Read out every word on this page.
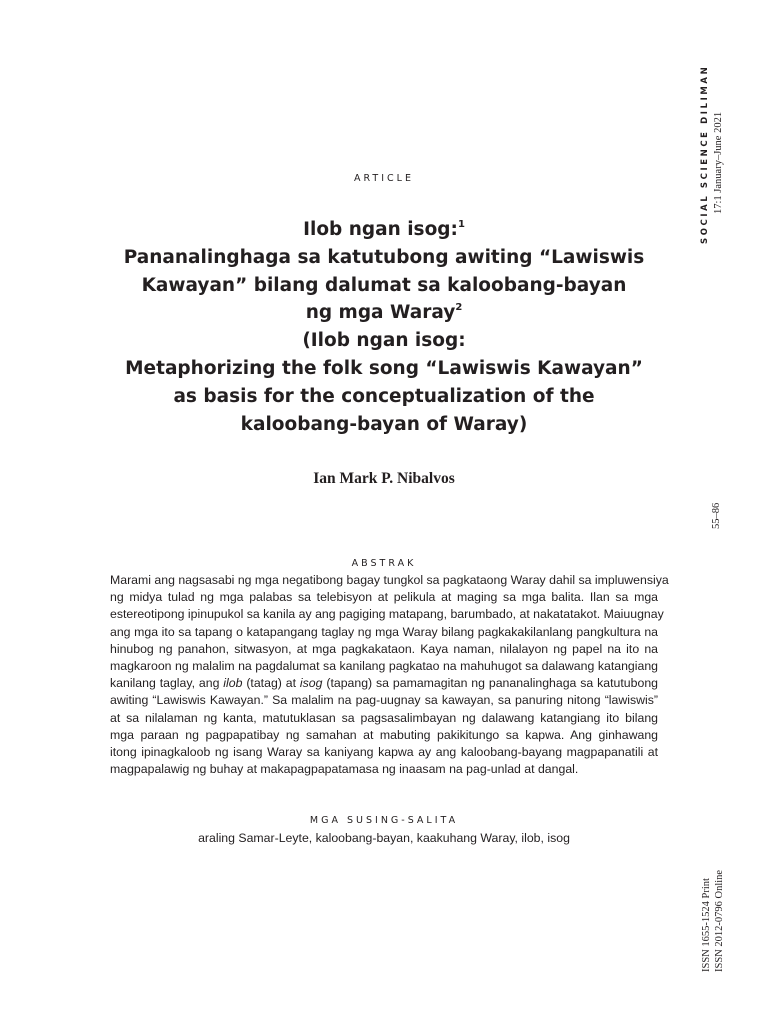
ARTICLE
Ilob ngan isog:$^1$
Pananalinghaga sa katutubong awiting “Lawiswis
Kawayan” bilang dalumat sa kaloobang-bayan
ng mga Waray$^2$
(Ilob ngan isog:
Metaphorizing the folk song “Lawiswis Kawayan”
as basis for the conceptualization of the
kaloobang-bayan of Waray)
Ian Mark P. Nibalvos
ABSTRAK
Marami ang nagsasabi ng mga negatibong bagay tungkol sa pagkataong Waray dahil sa impluwensiya
ng midya tulad ng mga palabas sa telebisyon at pelikula at maging sa mga balita. Ilan sa mga
estereotipong ipinupukol sa kanila ay ang pagiging matapang, barumbado, at nakatatakot. Maiuugnay
ang mga ito sa tapang o katapangang taglay ng mga Waray bilang pagkakakilanlang pangkultura na
hinubog ng panahon, sitwasyon, at mga pagkakataon. Kaya naman, nilalayon ng papel na ito na
magkaroon ng malalim na pagdalumat sa kanilang pagkatao na mahuhugot sa dalawang katangiang
kanilang taglay, ang ilob (tatag) at isog (tapang) sa pamamagitan ng pananalinghaga sa katutubong
awiting “Lawiswis Kawayan.” Sa malalim na pag-uugnay sa kawayan, sa panuring nitong “lawiswis”
at sa nilalaman ng kanta, matutuklasan sa pagsasalimbayan ng dalawang katangiang ito bilang
mga paraan ng pagpapatibay ng samahan at mabuting pakikitungo sa kapwa. Ang ginhawang
itong ipinagkaloob ng isang Waray sa kaniyang kapwa ay ang kaloobang-bayang magpapanatili at
magpapalawig ng buhay at makapagpapatamasa ng inaasam na pag-unlad at dangal.
MGA SUSING-SALITA
araling Samar-Leyte, kaloobang-bayan, kaakuhang Waray, ilob, isog
SOCIAL SCIENCE DILIMAN 17:1 January–June 2021
55–86
ISSN 1655-1524 Print ISSN 2012-0796 Online
